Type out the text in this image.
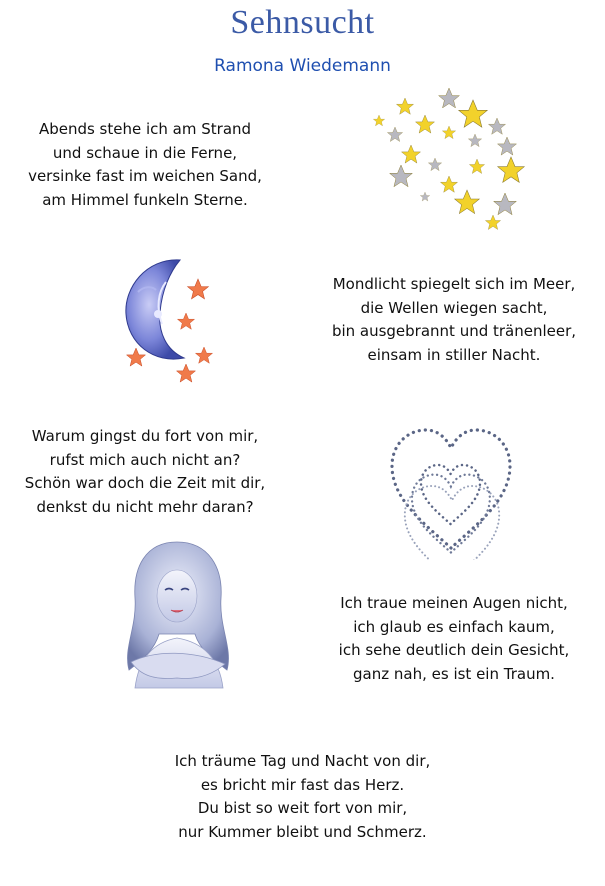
Sehnsucht
Ramona Wiedemann
Abends stehe ich am Strand
und schaue in die Ferne,
versinke fast im weichen Sand,
am Himmel funkeln Sterne.
Mondlicht spiegelt sich im Meer,
die Wellen wiegen sacht,
bin ausgebrannt und tränenleer,
einsam in stiller Nacht.
Warum gingst du fort von mir,
rufst mich auch nicht an?
Schön war doch die Zeit mit dir,
denkst du nicht mehr daran?
Ich traue meinen Augen nicht,
ich glaub es einfach kaum,
ich sehe deutlich dein Gesicht,
ganz nah, es ist ein Traum.
Ich träume Tag und Nacht von dir,
es bricht mir fast das Herz.
Du bist so weit fort von mir,
nur Kummer bleibt und Schmerz.
